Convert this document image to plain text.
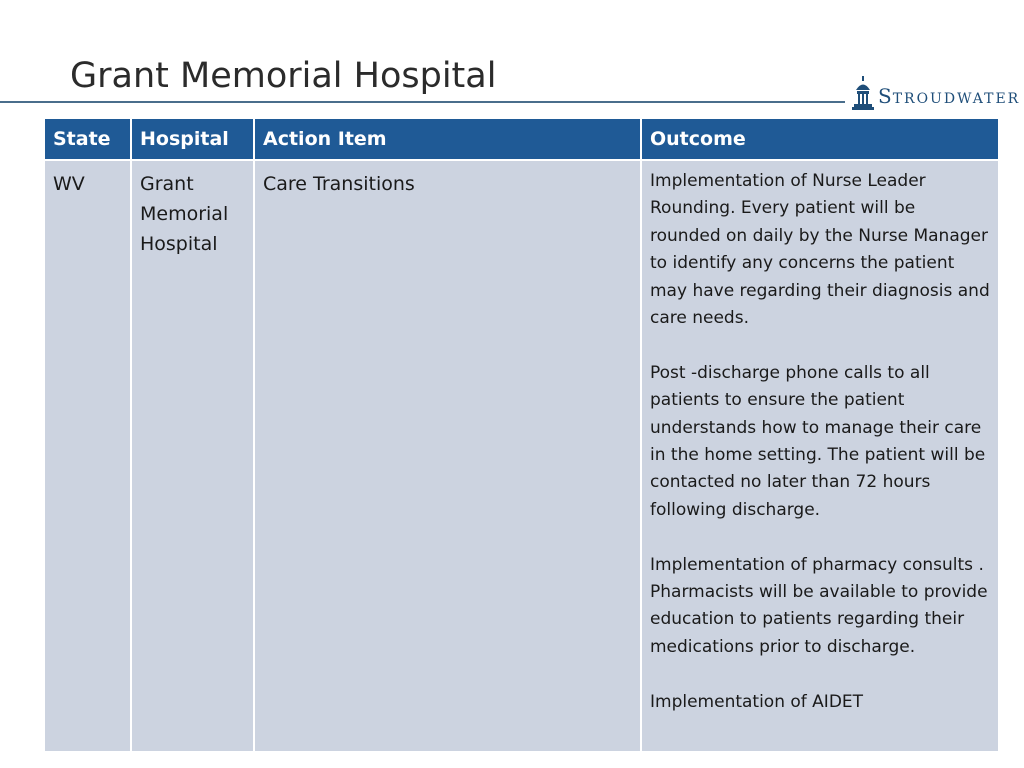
Grant Memorial Hospital	STROUDWATER
State	Hospital	Action Item	Outcome
WV	Grant Memorial Hospital	Care Transitions	Implementation of Nurse Leader Rounding. Every patient will be rounded on daily by the Nurse Manager to identify any concerns the patient may have regarding their diagnosis and care needs.

Post -discharge phone calls to all patients to ensure the patient understands how to manage their care in the home setting. The patient will be contacted no later than 72 hours following discharge.

Implementation of pharmacy consults . Pharmacists will be available to provide education to patients regarding their medications prior to discharge.

Implementation of AIDET
